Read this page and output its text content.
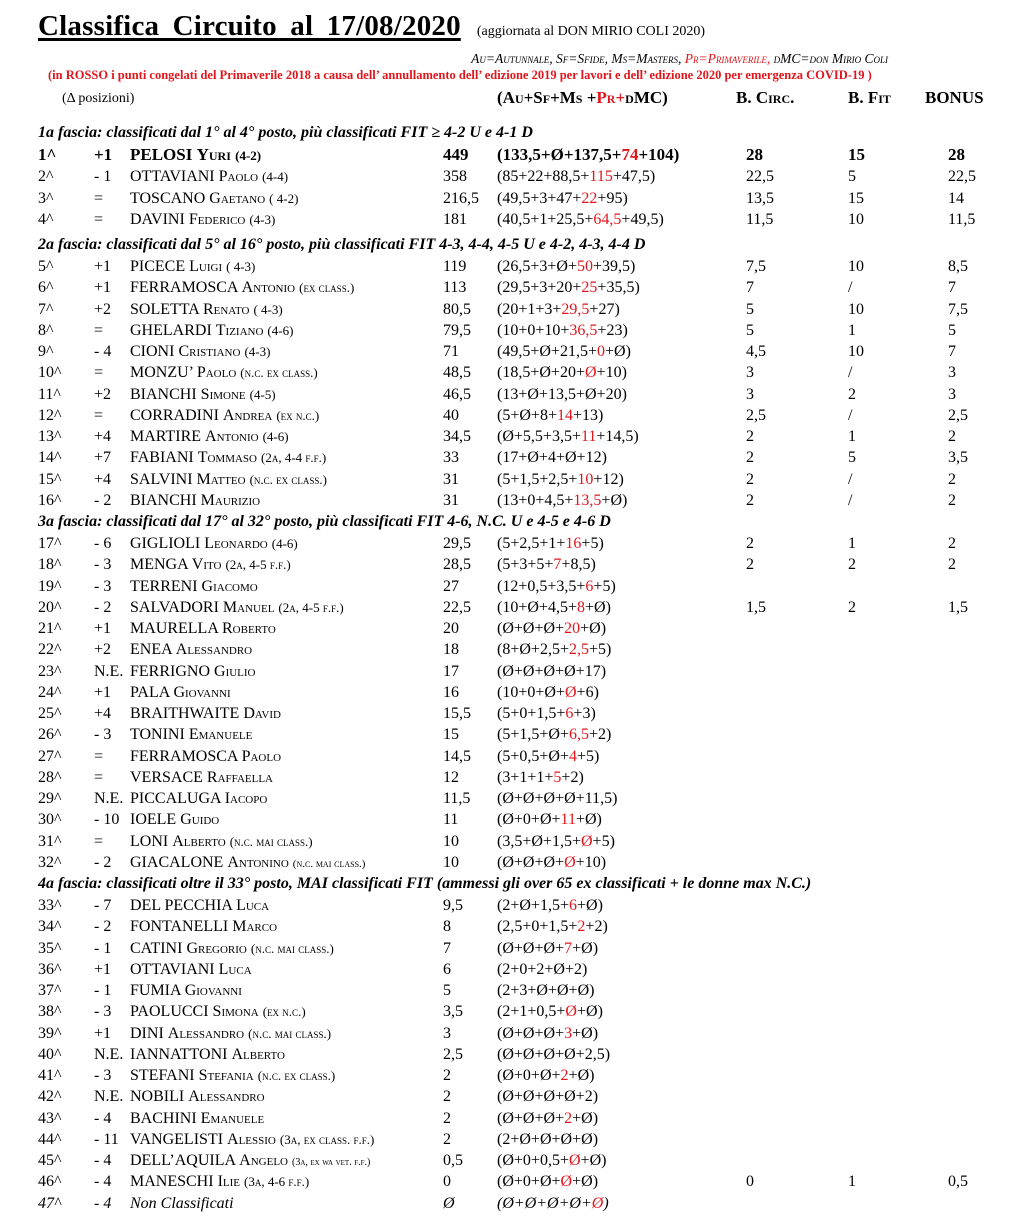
Classifica Circuito al 17/08/2020 (aggiornata al DON MIRIO COLI 2020)
Au=Autunnale, Sf=Sfide, Ms=Masters, Pr=Primaverile, dMC=don Mirio Coli
(in ROSSO i punti congelati del Primaverile 2018 a causa dell’ annullamento dell’ edizione 2019 per lavori e dell’ edizione 2020 per emergenza COVID-19 )
(Δ posizioni)	(Au+Sf+Ms +Pr+dMC)	B. Circ.	B. Fit BONUS
1a fascia: classificati dal 1° al 4° posto, più classificati FIT ≥ 4-2 U e 4-1 D
2a fascia: classificati dal 5° al 16° posto, più classificati FIT 4-3, 4-4, 4-5 U e 4-2, 4-3, 4-4 D
3a fascia: classificati dal 17° al 32° posto, più classificati FIT 4-6, N.C. U e 4-5 e 4-6 D
4a fascia: classificati oltre il 33° posto, MAI classificati FIT (ammessi gli over 65 ex classificati + le donne max N.C.)
1^ +1 PELOSI Yuri (4-2)	449 (133,5+Ø+137,5+74+104)	28	15	28
2^	- 1 OTTAVIANI Paolo (4-4)	358 (85+22+88,5+115+47,5)	22,5	5	22,5
3^	= TOSCANO Gaetano ( 4-2)	216,5 (49,5+3+47+22+95)	13,5	15	14
4^	= DAVINI Federico (4-3)	181 (40,5+1+25,5+64,5+49,5)	11,5	10	11,5
5^	+1 PICECE Luigi ( 4-3)	119 (26,5+3+Ø+50+39,5)	7,5	10	8,5
6^	+1 FERRAMOSCA Antonio (ex class.)	113 (29,5+3+20+25+35,5)	7	/	7
7^	+2 SOLETTA Renato ( 4-3)	80,5 (20+1+3+29,5+27)	5	10	7,5
8^	= GHELARDI Tiziano (4-6)	79,5 (10+0+10+36,5+23)	5	1	5
9^	- 4 CIONI Cristiano (4-3)	71 (49,5+Ø+21,5+0+Ø)	4,5	10	7
10^ = MONZU’ Paolo (n.c. ex class.)	48,5 (18,5+Ø+20+Ø+10)	3	/	3
11^ +2 BIANCHI Simone (4-5)	46,5 (13+Ø+13,5+Ø+20)	3	2	3
12^ = CORRADINI Andrea (ex n.c.)	40 (5+Ø+8+14+13)	2,5	/	2,5
13^ +4 MARTIRE Antonio (4-6)	34,5 (Ø+5,5+3,5+11+14,5)	2	1	2
14^ +7 FABIANI Tommaso (2a, 4-4 f.f.)	33 (17+Ø+4+Ø+12)	2	5	3,5
15^ +4 SALVINI Matteo (n.c. ex class.)	31 (5+1,5+2,5+10+12)	2	/	2
16^ - 2 BIANCHI Maurizio	31 (13+0+4,5+13,5+Ø)	2	/	2
17^ - 6 GIGLIOLI Leonardo (4-6)	29,5 (5+2,5+1+16+5)	2	1	2
18^ - 3 MENGA Vito (2a, 4-5 f.f.)	28,5 (5+3+5+7+8,5)	2	2	2
19^ - 3 TERRENI Giacomo	27 (12+0,5+3,5+6+5)
20^ - 2 SALVADORI Manuel (2a, 4-5 f.f.)	22,5 (10+Ø+4,5+8+Ø)	1,5	2	1,5
21^ +1 MAURELLA Roberto	20 (Ø+Ø+Ø+20+Ø)
22^ +2 ENEA Alessandro	18 (8+Ø+2,5+2,5+5)
23^ N.E. FERRIGNO Giulio	17 (Ø+Ø+Ø+Ø+17)
24^ +1 PALA Giovanni	16 (10+0+Ø+Ø+6)
25^ +4 BRAITHWAITE David	15,5 (5+0+1,5+6+3)
26^ - 3 TONINI Emanuele	15 (5+1,5+Ø+6,5+2)
27^ = FERRAMOSCA Paolo	14,5 (5+0,5+Ø+4+5)
28^ = VERSACE Raffaella	12 (3+1+1+5+2)
29^ N.E. PICCALUGA Iacopo	11,5 (Ø+Ø+Ø+Ø+11,5)
30^ - 10 IOELE Guido	11 (Ø+0+Ø+11+Ø)
31^ = LONI Alberto (n.c. mai class.)	10 (3,5+Ø+1,5+Ø+5)
32^ - 2 GIACALONE Antonino (n.c. mai class.)	10 (Ø+Ø+Ø+Ø+10)
33^ - 7 DEL PECCHIA Luca	9,5 (2+Ø+1,5+6+Ø)
34^ - 2 FONTANELLI Marco	8	(2,5+0+1,5+2+2)
35^ - 1 CATINI Gregorio (n.c. mai class.)	7	(Ø+Ø+Ø+7+Ø)
36^ +1 OTTAVIANI Luca	6	(2+0+2+Ø+2)
37^ - 1 FUMIA Giovanni	5	(2+3+Ø+Ø+Ø)
38^ - 3 PAOLUCCI Simona (ex n.c.)	3,5 (2+1+0,5+Ø+Ø)
39^ +1 DINI Alessandro (n.c. mai class.)	3	(Ø+Ø+Ø+3+Ø)
40^ N.E. IANNATTONI Alberto	2,5 (Ø+Ø+Ø+Ø+2,5)
41^ - 3 STEFANI Stefania (n.c. ex class.)	2	(Ø+0+Ø+2+Ø)
42^ N.E. NOBILI Alessandro	2	(Ø+Ø+Ø+Ø+2)
43^ - 4 BACHINI Emanuele	2	(Ø+Ø+Ø+2+Ø)
44^ - 11 VANGELISTI Alessio (3a, ex class. f.f.)	2	(2+Ø+Ø+Ø+Ø)
45^ - 4 DELL’AQUILA Angelo (3a, ex wa vet. f.f.)	0,5 (Ø+0+0,5+Ø+Ø)
46^ - 4 MANESCHI Ilie (3a, 4-6 f.f.)	0	(Ø+0+Ø+Ø+Ø)	0	1	0,5
47^ - 4 Non Classificati	Ø	(Ø+Ø+Ø+Ø+Ø)
